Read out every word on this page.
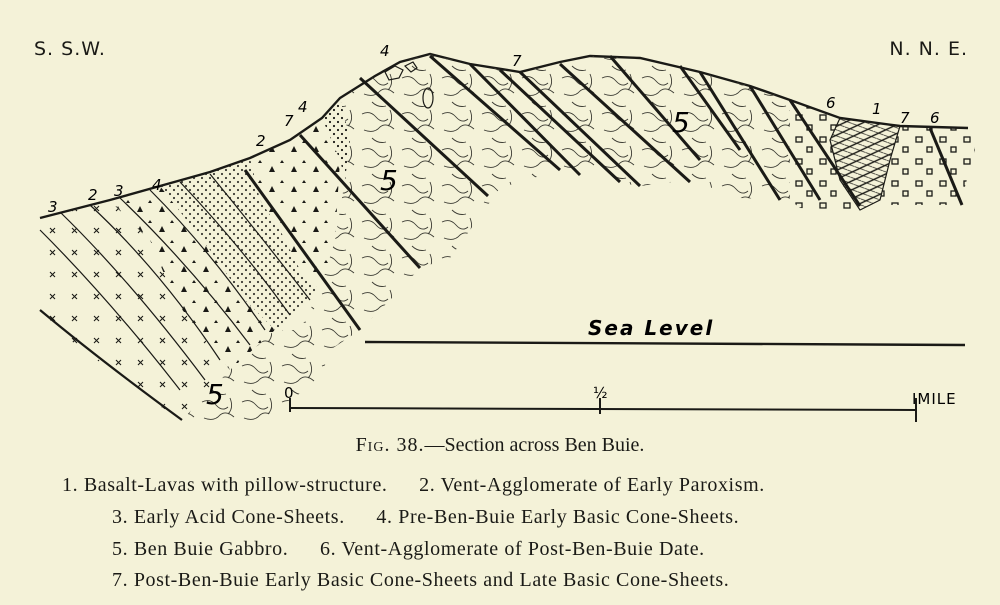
S. S.W.	N. N. E.
5
5
5
4
7
6 1 7 6
2
7
4
3
2 3 4
Sea Level
0	½	IMILE
Fig. 38.—Section across Ben Buie.
1. Basalt-Lavas with pillow-structure. 2. Vent-Agglomerate of Early Paroxism.
3. Early Acid Cone-Sheets. 4. Pre-Ben-Buie Early Basic Cone-Sheets.
5. Ben Buie Gabbro. 6. Vent-Agglomerate of Post-Ben-Buie Date.
7. Post-Ben-Buie Early Basic Cone-Sheets and Late Basic Cone-Sheets.
